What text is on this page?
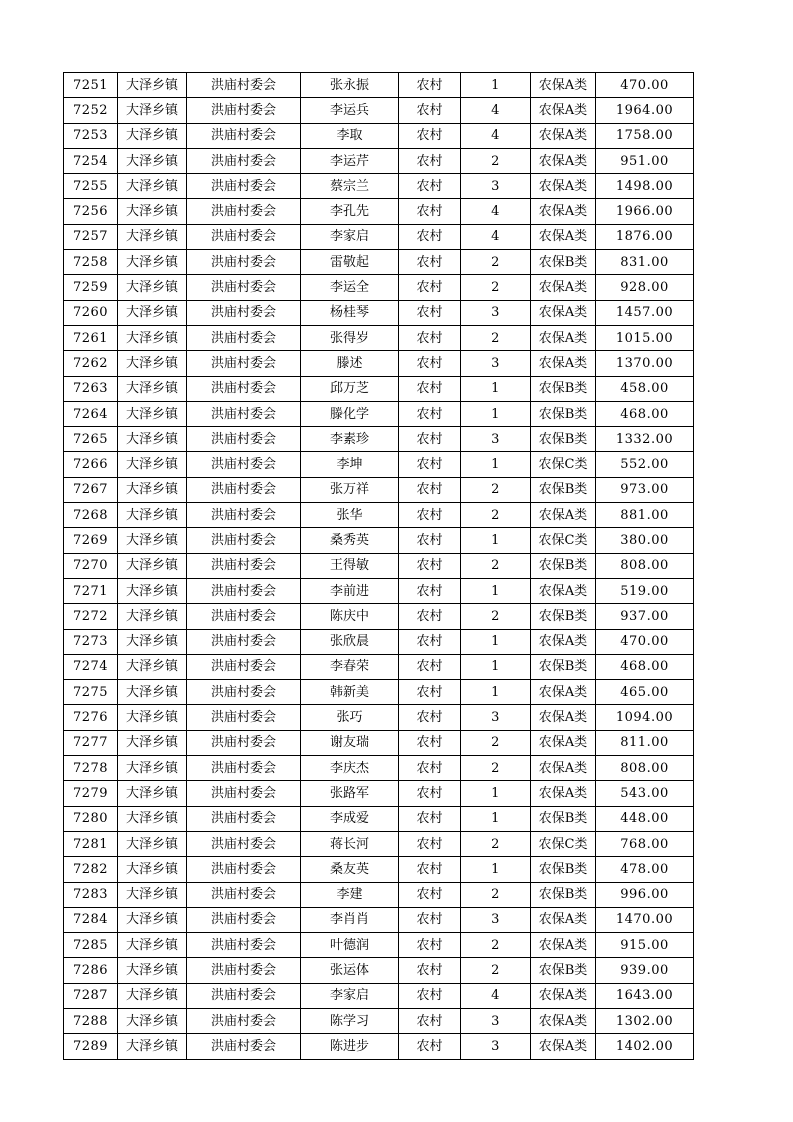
7251	大泽乡镇	洪庙村委会	张永振	农村	1	农保A类	470.00
7252	大泽乡镇	洪庙村委会	李运兵	农村	4	农保A类	1964.00
7253	大泽乡镇	洪庙村委会	李取	农村	4	农保A类	1758.00
7254	大泽乡镇	洪庙村委会	李运芹	农村	2	农保A类	951.00
7255	大泽乡镇	洪庙村委会	蔡宗兰	农村	3	农保A类	1498.00
7256	大泽乡镇	洪庙村委会	李孔先	农村	4	农保A类	1966.00
7257	大泽乡镇	洪庙村委会	李家启	农村	4	农保A类	1876.00
7258	大泽乡镇	洪庙村委会	雷敬起	农村	2	农保B类	831.00
7259	大泽乡镇	洪庙村委会	李运全	农村	2	农保A类	928.00
7260	大泽乡镇	洪庙村委会	杨桂琴	农村	3	农保A类	1457.00
7261	大泽乡镇	洪庙村委会	张得岁	农村	2	农保A类	1015.00
7262	大泽乡镇	洪庙村委会	滕述	农村	3	农保A类	1370.00
7263	大泽乡镇	洪庙村委会	邱万芝	农村	1	农保B类	458.00
7264	大泽乡镇	洪庙村委会	滕化学	农村	1	农保B类	468.00
7265	大泽乡镇	洪庙村委会	李素珍	农村	3	农保B类	1332.00
7266	大泽乡镇	洪庙村委会	李坤	农村	1	农保C类	552.00
7267	大泽乡镇	洪庙村委会	张万祥	农村	2	农保B类	973.00
7268	大泽乡镇	洪庙村委会	张华	农村	2	农保A类	881.00
7269	大泽乡镇	洪庙村委会	桑秀英	农村	1	农保C类	380.00
7270	大泽乡镇	洪庙村委会	王得敏	农村	2	农保B类	808.00
7271	大泽乡镇	洪庙村委会	李前进	农村	1	农保A类	519.00
7272	大泽乡镇	洪庙村委会	陈庆中	农村	2	农保B类	937.00
7273	大泽乡镇	洪庙村委会	张欣晨	农村	1	农保A类	470.00
7274	大泽乡镇	洪庙村委会	李春荣	农村	1	农保B类	468.00
7275	大泽乡镇	洪庙村委会	韩新美	农村	1	农保A类	465.00
7276	大泽乡镇	洪庙村委会	张巧	农村	3	农保A类	1094.00
7277	大泽乡镇	洪庙村委会	谢友瑞	农村	2	农保A类	811.00
7278	大泽乡镇	洪庙村委会	李庆杰	农村	2	农保A类	808.00
7279	大泽乡镇	洪庙村委会	张路军	农村	1	农保A类	543.00
7280	大泽乡镇	洪庙村委会	李成爱	农村	1	农保B类	448.00
7281	大泽乡镇	洪庙村委会	蒋长河	农村	2	农保C类	768.00
7282	大泽乡镇	洪庙村委会	桑友英	农村	1	农保B类	478.00
7283	大泽乡镇	洪庙村委会	李建	农村	2	农保B类	996.00
7284	大泽乡镇	洪庙村委会	李肖肖	农村	3	农保A类	1470.00
7285	大泽乡镇	洪庙村委会	叶德润	农村	2	农保A类	915.00
7286	大泽乡镇	洪庙村委会	张运体	农村	2	农保B类	939.00
7287	大泽乡镇	洪庙村委会	李家启	农村	4	农保A类	1643.00
7288	大泽乡镇	洪庙村委会	陈学习	农村	3	农保A类	1302.00
7289	大泽乡镇	洪庙村委会	陈进步	农村	3	农保A类	1402.00
